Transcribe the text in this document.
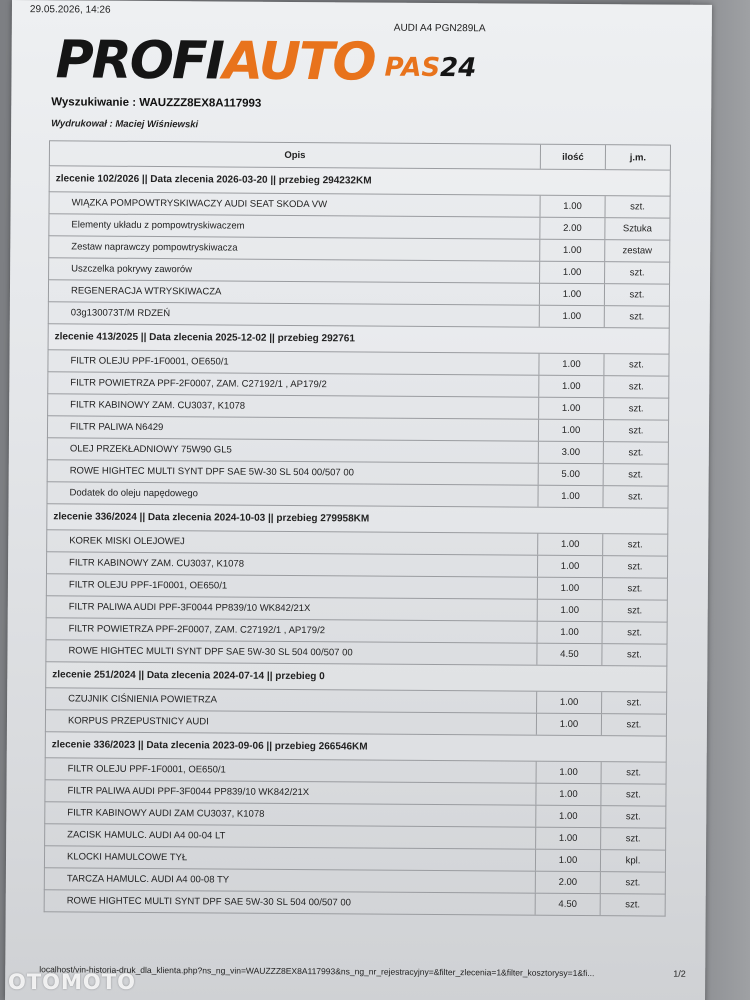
29.05.2026, 14:26
AUDI A4 PGN289LA
PROFI AUTO PAS 24
Wyszukiwanie : WAUZZZ8EX8A117993
Wydrukował : Maciej Wiśniewski
Opis	ilość	j.m.
zlecenie 102/2026 || Data zlecenia 2026-03-20 || przebieg 294232KM
WIĄZKA POMPOWTRYSKIWACZY AUDI SEAT SKODA VW	1.00	szt.
Elementy układu z pompowtryskiwaczem	2.00	Sztuka
Zestaw naprawczy pompowtryskiwacza	1.00	zestaw
Uszczelka pokrywy zaworów	1.00	szt.
REGENERACJA WTRYSKIWACZA	1.00	szt.
03g130073T/M RDZEŃ	1.00	szt.
zlecenie 413/2025 || Data zlecenia 2025-12-02 || przebieg 292761
FILTR OLEJU PPF-1F0001, OE650/1	1.00	szt.
FILTR POWIETRZA PPF-2F0007, ZAM. C27192/1 , AP179/2	1.00	szt.
FILTR KABINOWY ZAM. CU3037, K1078	1.00	szt.
FILTR PALIWA N6429	1.00	szt.
OLEJ PRZEKŁADNIOWY 75W90 GL5	3.00	szt.
ROWE HIGHTEC MULTI SYNT DPF SAE 5W-30 SL 504 00/507 00	5.00	szt.
Dodatek do oleju napędowego	1.00	szt.
zlecenie 336/2024 || Data zlecenia 2024-10-03 || przebieg 279958KM
KOREK MISKI OLEJOWEJ	1.00	szt.
FILTR KABINOWY ZAM. CU3037, K1078	1.00	szt.
FILTR OLEJU PPF-1F0001, OE650/1	1.00	szt.
FILTR PALIWA AUDI PPF-3F0044 PP839/10 WK842/21X	1.00	szt.
FILTR POWIETRZA PPF-2F0007, ZAM. C27192/1 , AP179/2	1.00	szt.
ROWE HIGHTEC MULTI SYNT DPF SAE 5W-30 SL 504 00/507 00	4.50	szt.
zlecenie 251/2024 || Data zlecenia 2024-07-14 || przebieg 0
CZUJNIK CIŚNIENIA POWIETRZA	1.00	szt.
KORPUS PRZEPUSTNICY AUDI	1.00	szt.
zlecenie 336/2023 || Data zlecenia 2023-09-06 || przebieg 266546KM
FILTR OLEJU PPF-1F0001, OE650/1	1.00	szt.
FILTR PALIWA AUDI PPF-3F0044 PP839/10 WK842/21X	1.00	szt.
FILTR KABINOWY AUDI ZAM CU3037, K1078	1.00	szt.
ZACISK HAMULC. AUDI A4 00-04 LT	1.00	szt.
KLOCKI HAMULCOWE TYŁ	1.00	kpl.
TARCZA HAMULC. AUDI A4 00-08 TY	2.00	szt.
ROWE HIGHTEC MULTI SYNT DPF SAE 5W-30 SL 504 00/507 00	4.50	szt.
localhost/vin-historia-druk_dla_klienta.php?ns_ng_vin=WAUZZZ8EX8A117993&ns_ng_nr_rejestracyjny=&filter_zlecenia=1&filter_kosztorysy=1&fi...	1/2
OTOMOTO
